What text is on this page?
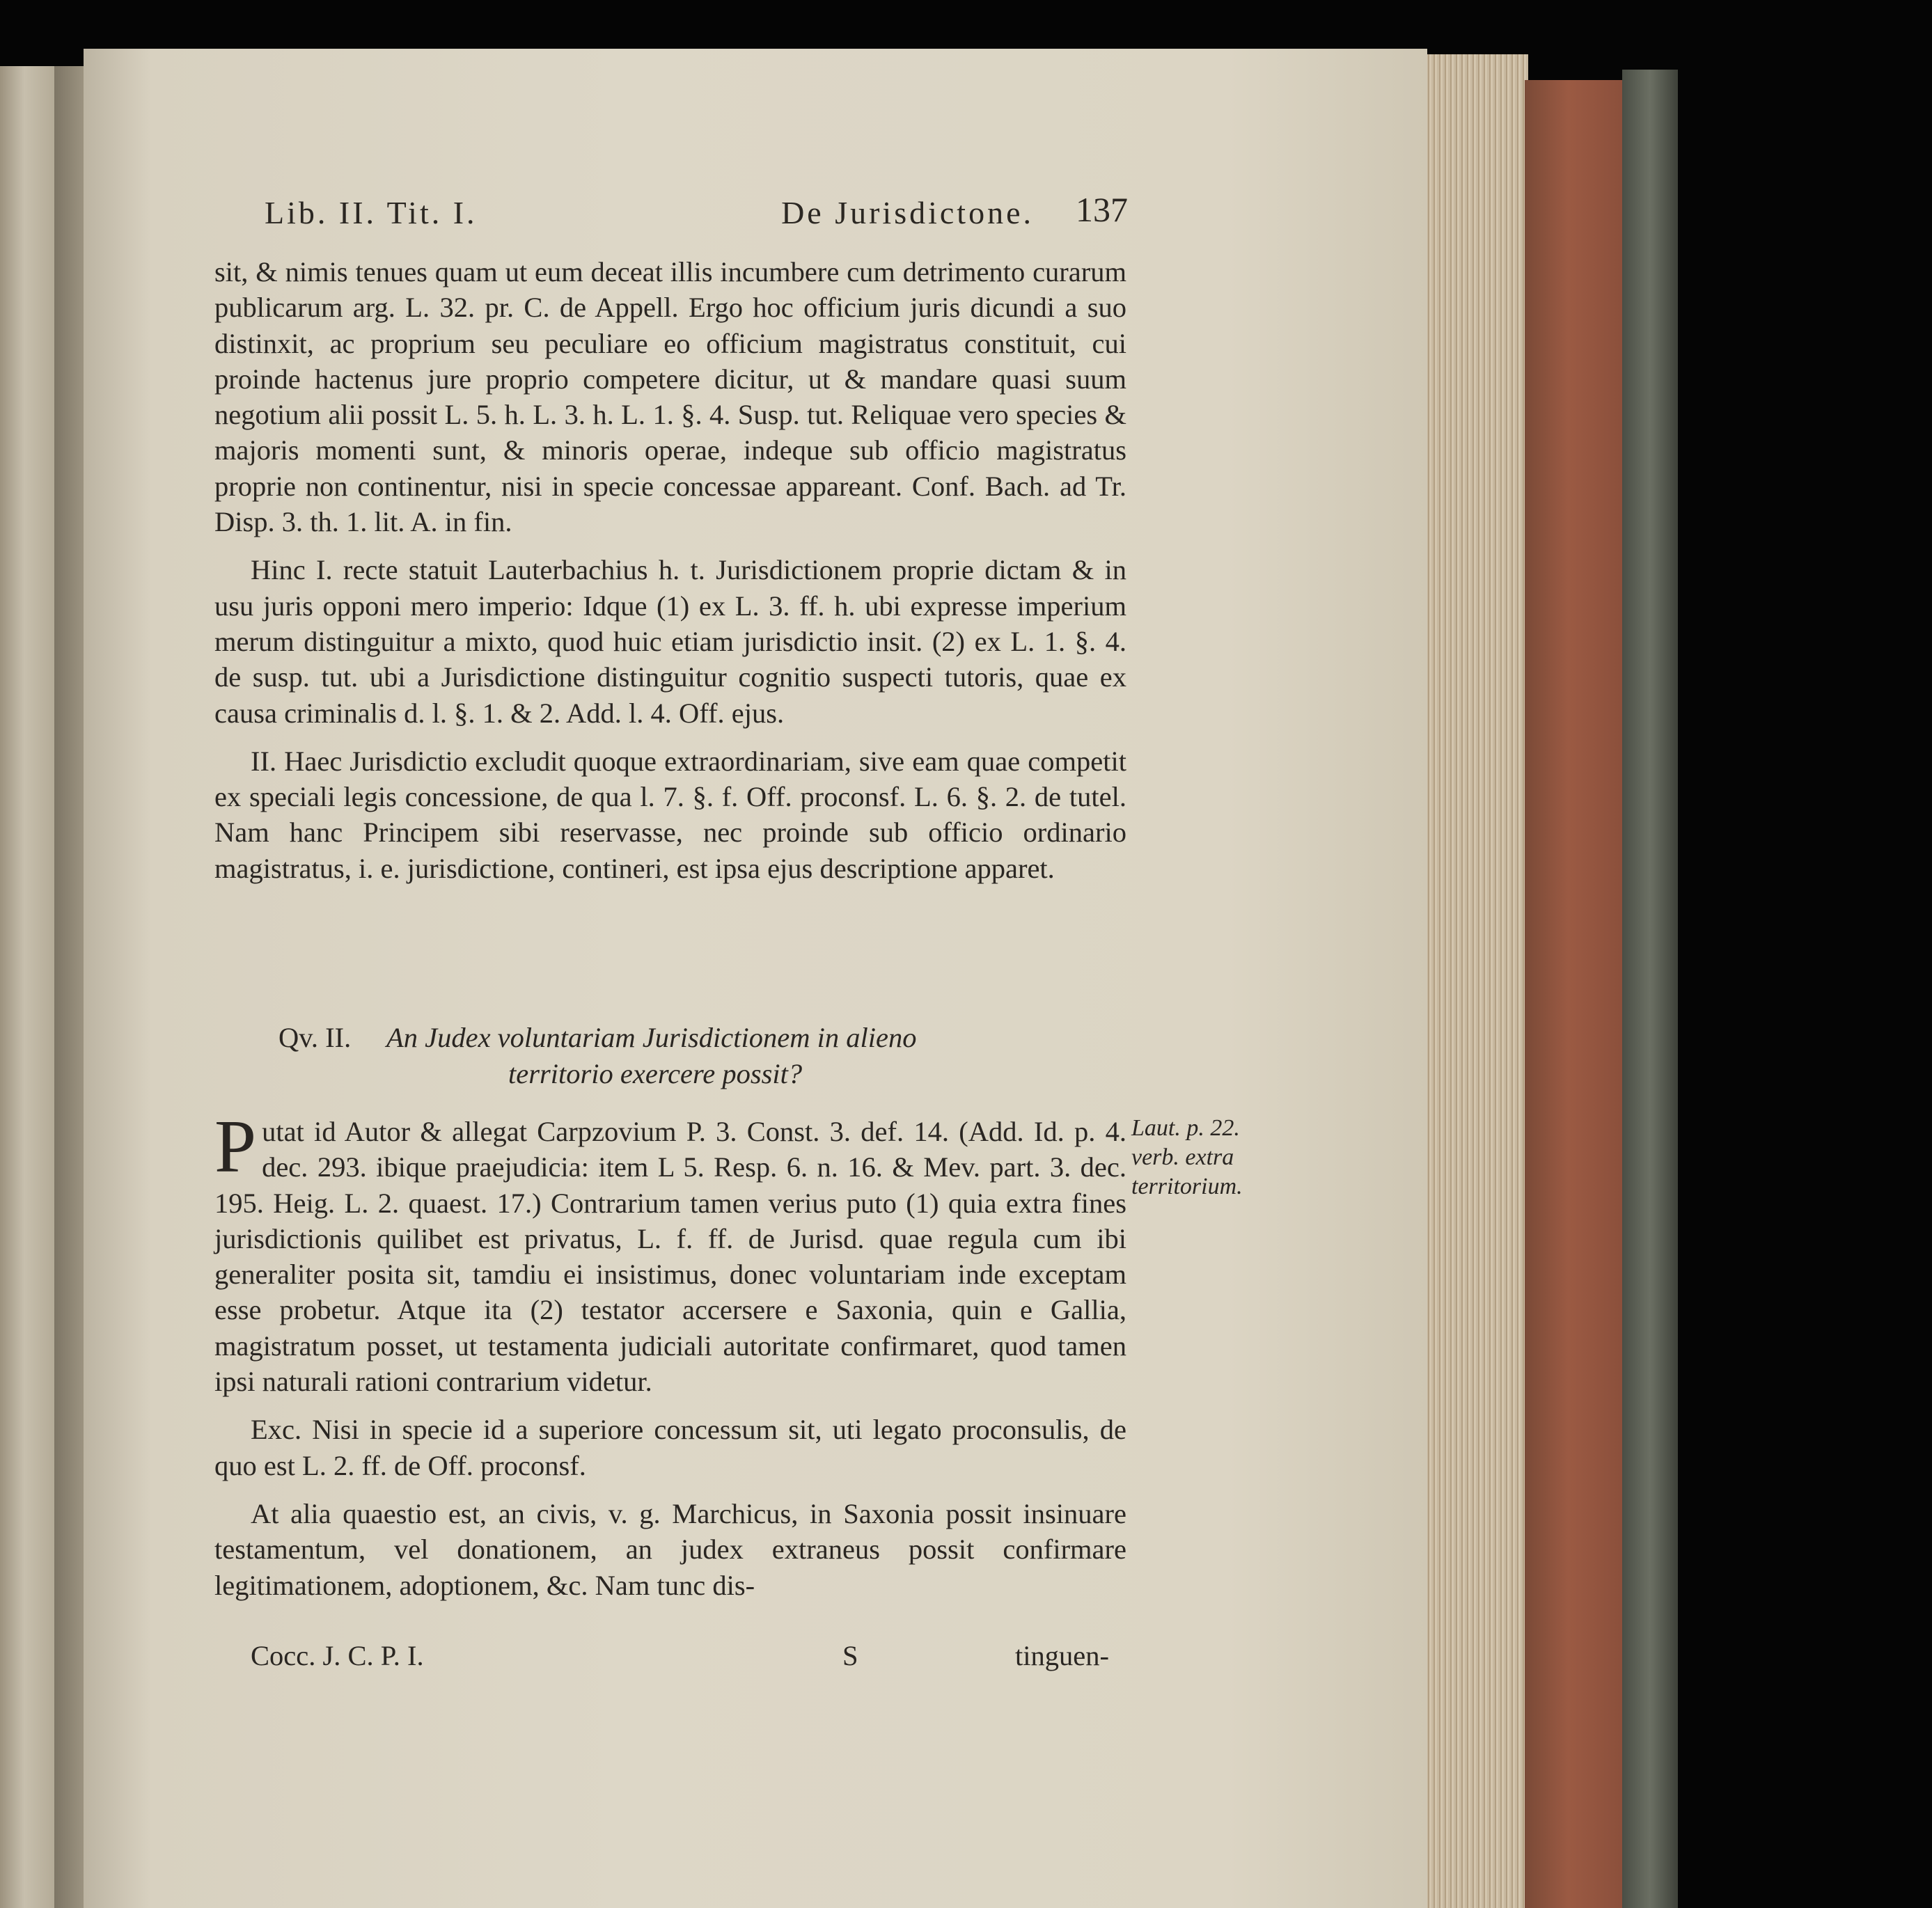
Lib. II. Tit. I.	De Jurisdictone. 137

sit, & nimis tenues quam ut eum deceat illis incumbere cum detrimento curarum publicarum arg. L. 32. pr. C. de Appell. Ergo hoc officium juris dicundi a suo distinxit, ac proprium seu peculiare eo officium magistratus constituit, cui proinde hactenus jure proprio competere dicitur, ut & mandare quasi suum negotium alii possit L. 5. h. L. 3. h. L. 1. §. 4. Susp. tut. Reliquae vero species & majoris momenti sunt, & minoris operae, indeque sub officio magistratus proprie non continentur, nisi in specie concessae appareant. Conf. Bach. ad Tr. Disp. 3. th. 1. lit. A. in fin.

Hinc I. recte statuit Lauterbachius h. t. Jurisdictionem proprie dictam & in usu juris opponi mero imperio: Idque (1) ex L. 3. ff. h. ubi expresse imperium merum distinguitur a mixto, quod huic etiam jurisdictio insit. (2) ex L. 1. §. 4. de susp. tut. ubi a Jurisdictione distinguitur cognitio suspecti tutoris, quae ex causa criminalis d. l. §. 1. & 2. Add. l. 4. Off. ejus.

II. Haec Jurisdictio excludit quoque extraordinariam, sive eam quae competit ex speciali legis concessione, de qua l. 7. §. f. Off. proconsf. L. 6. §. 2. de tutel. Nam hanc Principem sibi reservasse, nec proinde sub officio ordinario magistratus, i. e. jurisdictione, contineri, est ipsa ejus descriptione apparet.

Qv. II.	An Judex voluntariam Jurisdictionem in alieno
territorio exercere possit?

Putat id Autor & allegat Carpzovium P. 3. Const. 3. def. 14. (Add. Id. p. 4. dec. 293. ibique praejudicia: item L 5. Resp. 6. n. 16. & Mev. part. 3. dec. 195. Heig. L. 2. quaest. 17.) Contrarium tamen verius puto (1) quia extra fines jurisdictionis quilibet est privatus, L. f. ff. de Jurisd. quae regula cum ibi generaliter posita sit, tamdiu ei insistimus, donec voluntariam inde exceptam esse probetur. Atque ita (2) testator accersere e Saxonia, quin e Gallia, magistratum posset, ut testamenta judiciali autoritate confirmaret, quod tamen ipsi naturali rationi contrarium videtur.

Exc. Nisi in specie id a superiore concessum sit, uti legato proconsulis, de quo est L. 2. ff. de Off. proconsf.

At alia quaestio est, an civis, v. g. Marchicus, in Saxonia possit insinuare testamentum, vel donationem, an judex extraneus possit confirmare legitimationem, adoptionem, &c. Nam tunc dis-

Laut. p. 22. verb. extra territorium.
Cocc. J. C. P. I.	S	tinguen-
